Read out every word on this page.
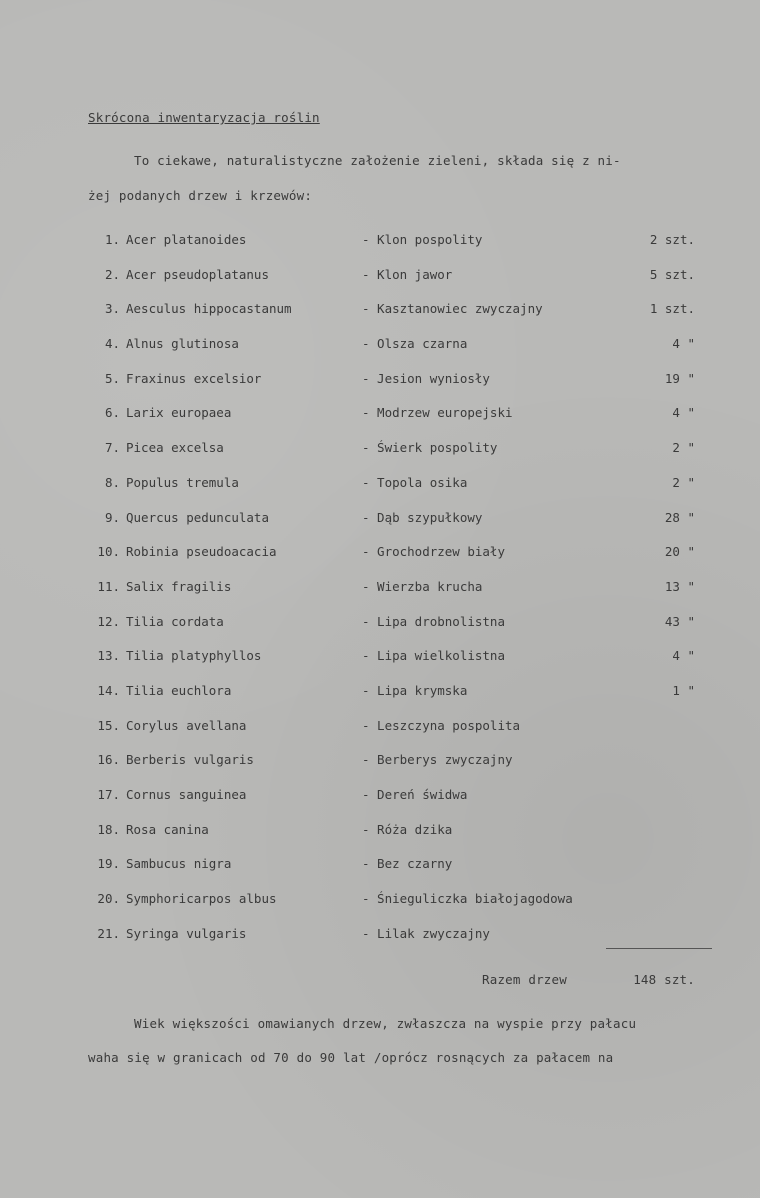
Skrócona inwentaryzacja roślin
To ciekawe, naturalistyczne założenie zieleni, składa się z ni-
żej podanych drzew i krzewów:
1. Acer platanoides	- Klon pospolity	2 szt.
2. Acer pseudoplatanus	- Klon jawor	5 szt.
3. Aesculus hippocastanum	- Kasztanowiec zwyczajny	1 szt.
4. Alnus glutinosa	- Olsza czarna	4 "
5. Fraxinus excelsior	- Jesion wyniosły	19 "
6. Larix europaea	- Modrzew europejski	4 "
7. Picea excelsa	- Świerk pospolity	2 "
8. Populus tremula	- Topola osika	2 "
9. Quercus pedunculata	- Dąb szypułkowy	28 "
10. Robinia pseudoacacia	- Grochodrzew biały	20 "
11. Salix fragilis	- Wierzba krucha	13 "
12. Tilia cordata	- Lipa drobnolistna	43 "
13. Tilia platyphyllos	- Lipa wielkolistna	4 "
14. Tilia euchlora	- Lipa krymska	1 "
15. Corylus avellana	- Leszczyna pospolita
16. Berberis vulgaris	- Berberys zwyczajny
17. Cornus sanguinea	- Dereń świdwa
18. Rosa canina	- Róża dzika
19. Sambucus nigra	- Bez czarny
20. Symphoricarpos albus	- Śnieguliczka białojagodowa
21. Syringa vulgaris	- Lilak zwyczajny
Razem drzew	148 szt.
Wiek większości omawianych drzew, zwłaszcza na wyspie przy pałacu
waha się w granicach od 70 do 90 lat /oprócz rosnących za pałacem na
